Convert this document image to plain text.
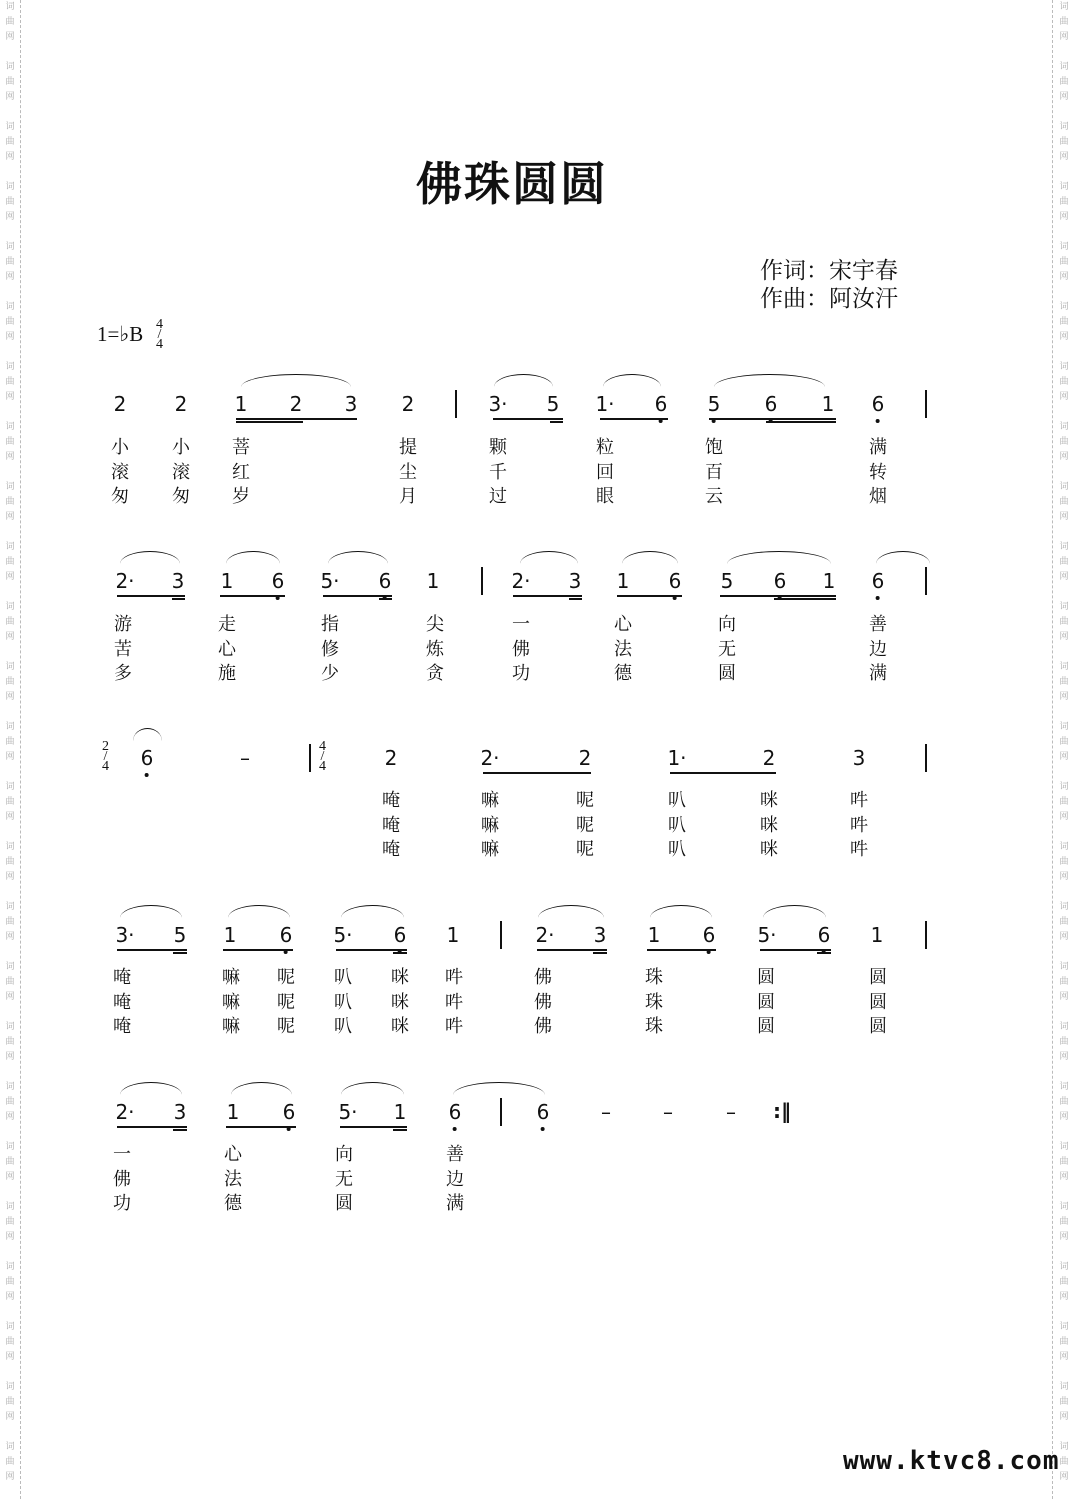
词
曲
网
词
曲
网
词
曲
网
词
曲
网
词
曲
网
词
曲
网
词
曲
网
词
曲
网
词
曲
网
词
曲
网
词
曲
网
词
曲
网
词
曲
网
词
曲
网
词
曲
网
词
曲
网
词
曲
网
词
曲
网
词
曲
网
词
曲
网
词
曲
网
词
曲
网
词
曲
网
词
曲
网
词
曲
网
词
曲
网
词
曲
网
词
曲
网
词
曲
网
词
曲
网
词
曲
网
词
曲
网
词
曲
网
词
曲
网
词
曲
网
词
曲
网
词
曲
网
词
曲
网
词
曲
网
词
曲
网
词
曲
网
词
曲
网
词
曲
网
词
曲
网
词
曲
网
词
曲
网
词
曲
网
词
曲
网
词
曲
网
词
曲
网
佛珠圆圆
作词：宋宇春
作曲：阿汝汗
1=♭B 4/4
2/4
4/4
2 2 1 2 3 2	3· 5 1· 6 5 6 1 6
小 小 菩	提	颗	粒	饱	满
滚 滚 红	尘	千	回	百	转
匆 匆 岁	月	过	眼	云	烟
2· 3 1 6 5· 6 1	2· 3 1 6 5 6 1 6
游	走	指	尖	一	心	向	善
苦	心	修	炼	佛	法	无	边
多	施	少	贪	功	德	圆	满
6	–	2	2·	2	1·	2	3
唵	嘛	呢	叭	咪	吽
唵	嘛	呢	叭	咪	吽
唵	嘛	呢	叭	咪	吽
3· 5 1 6 5· 6 1	2· 3 1 6 5· 6 1
唵	嘛 呢 叭 咪 吽	佛	珠	圆	圆
唵	嘛 呢 叭 咪 吽	佛	珠	圆	圆
唵	嘛 呢 叭 咪 吽	佛	珠	圆	圆
2· 3 1 6 5· 1 6	6	–	–	– :‖
一心向善
佛法无边
功德圆满
www.ktvc8.com
